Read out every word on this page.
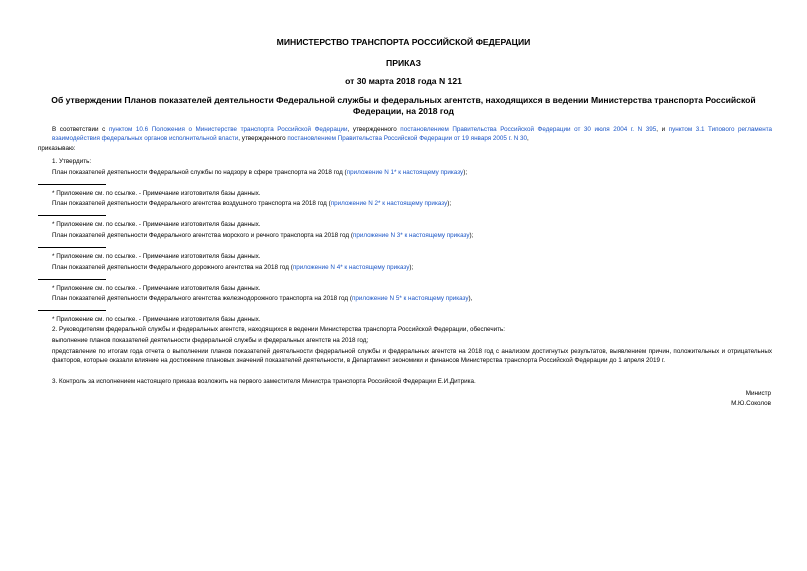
МИНИСТЕРСТВО ТРАНСПОРТА РОССИЙСКОЙ ФЕДЕРАЦИИ
ПРИКАЗ
от 30 марта 2018 года N 121
Об утверждении Планов показателей деятельности Федеральной службы и федеральных агентств, находящихся в ведении Министерства транспорта Российской Федерации, на 2018 год
В соответствии с пунктом 10.6 Положения о Министерстве транспорта Российской Федерации, утвержденного постановлением Правительства Российской Федерации от 30 июля 2004 г. N 395, и пунктом 3.1 Типового регламента взаимодействия федеральных органов исполнительной власти, утвержденного постановлением Правительства Российской Федерации от 19 января 2005 г. N 30,
приказываю:
1. Утвердить:
План показателей деятельности Федеральной службы по надзору в сфере транспорта на 2018 год (приложение N 1* к настоящему приказу);
* Приложение см. по ссылке. - Примечание изготовителя базы данных.
План показателей деятельности Федерального агентства воздушного транспорта на 2018 год (приложение N 2* к настоящему приказу);
* Приложение см. по ссылке. - Примечание изготовителя базы данных.
План показателей деятельности Федерального агентства морского и речного транспорта на 2018 год (приложение N 3* к настоящему приказу);
* Приложение см. по ссылке. - Примечание изготовителя базы данных.
План показателей деятельности Федерального дорожного агентства на 2018 год (приложение N 4* к настоящему приказу);
* Приложение см. по ссылке. - Примечание изготовителя базы данных.
План показателей деятельности Федерального агентства железнодорожного транспорта на 2018 год (приложение N 5* к настоящему приказу),
* Приложение см. по ссылке. - Примечание изготовителя базы данных.
2. Руководителям федеральной службы и федеральных агентств, находящихся в ведении Министерства транспорта Российской Федерации, обеспечить:
выполнение планов показателей деятельности федеральной службы и федеральных агентств на 2018 год;
представление по итогам года отчета о выполнении планов показателей деятельности федеральной службы и федеральных агентств на 2018 год с анализом достигнутых результатов, выявлением причин, положительных и отрицательных факторов, которые оказали влияние на достижение плановых значений показателей деятельности, в Департамент экономики и финансов Министерства транспорта Российской Федерации до 1 апреля 2019 г.
3. Контроль за исполнением настоящего приказа возложить на первого заместителя Министра транспорта Российской Федерации Е.И.Дитрика.
Министр
М.Ю.Соколов
